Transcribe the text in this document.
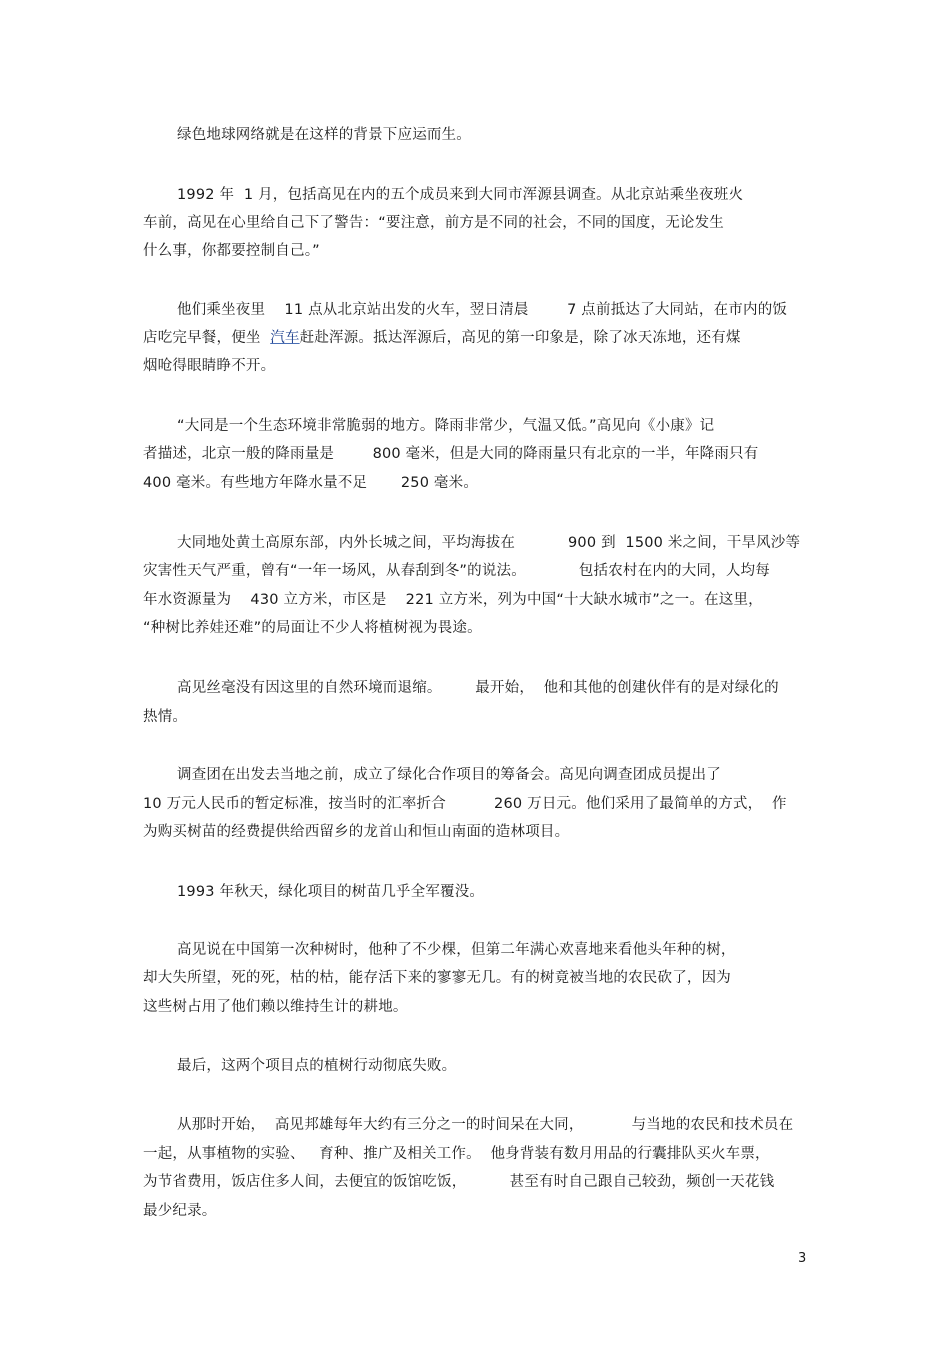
绿色地球网络就是在这样的背景下应运而生。
1992 年  1 月，包括高见在内的五个成员来到大同市浑源县调查。从北京站乘坐夜班火
车前，高见在心里给自己下了警告：“要注意，前方是不同的社会，不同的国度，无论发生
什么事，你都要控制自己。”
他们乘坐夜里    11 点从北京站出发的火车，翌日清晨        7 点前抵达了大同站，在市内的饭
店吃完早餐，便坐  汽车赶赴浑源。抵达浑源后，高见的第一印象是，除了冰天冻地，还有煤
烟呛得眼睛睁不开。
“大同是一个生态环境非常脆弱的地方。降雨非常少，气温又低。”高见向《小康》记
者描述，北京一般的降雨量是        800 毫米，但是大同的降雨量只有北京的一半，年降雨只有
400 毫米。有些地方年降水量不足       250 毫米。
大同地处黄土高原东部，内外长城之间，平均海拔在           900 到  1500 米之间，干旱风沙等
灾害性天气严重，曾有“一年一场风，从春刮到冬”的说法。           包括农村在内的大同，人均每
年水资源量为    430 立方米，市区是    221 立方米，列为中国“十大缺水城市”之一。在这里，
“种树比养娃还难”的局面让不少人将植树视为畏途。
高见丝毫没有因这里的自然环境而退缩。       最开始，  他和其他的创建伙伴有的是对绿化的
热情。
调查团在出发去当地之前，成立了绿化合作项目的筹备会。高见向调查团成员提出了
10 万元人民币的暂定标准，按当时的汇率折合          260 万日元。他们采用了最简单的方式，  作
为购买树苗的经费提供给西留乡的龙首山和恒山南面的造林项目。
1993 年秋天，绿化项目的树苗几乎全军覆没。
高见说在中国第一次种树时，他种了不少棵，但第二年满心欢喜地来看他头年种的树，
却大失所望，死的死，枯的枯，能存活下来的寥寥无几。有的树竟被当地的农民砍了，因为
这些树占用了他们赖以维持生计的耕地。
最后，这两个项目点的植树行动彻底失败。
从那时开始，  高见邦雄每年大约有三分之一的时间呆在大同，          与当地的农民和技术员在
一起，从事植物的实验、   育种、推广及相关工作。  他身背装有数月用品的行囊排队买火车票，
为节省费用，饭店住多人间，去便宜的饭馆吃饭，         甚至有时自己跟自己较劲，频创一天花钱
最少纪录。
3
